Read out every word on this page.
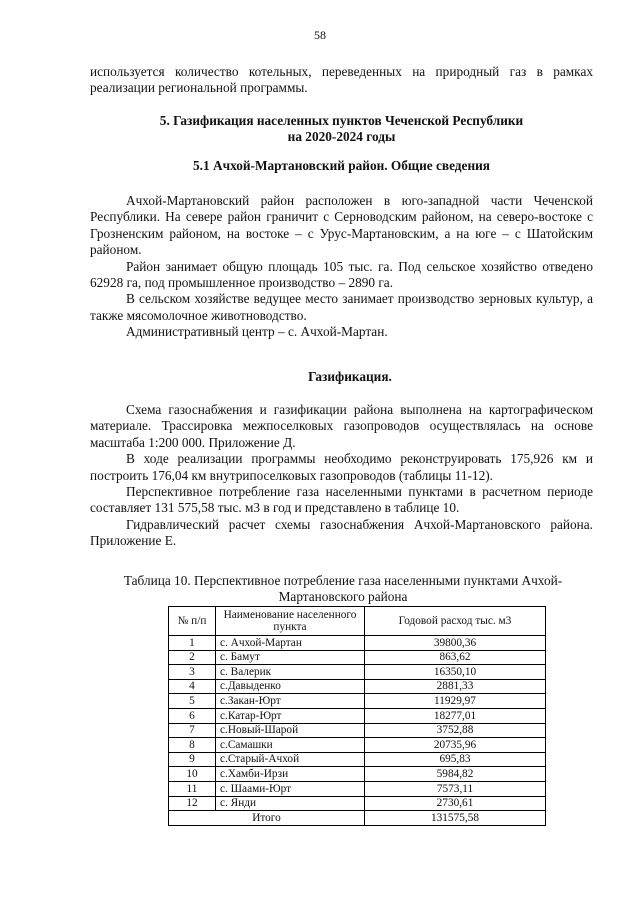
58

используется количество котельных, переведенных на природный газ в рамках реализации региональной программы.

5. Газификация населенных пунктов Чеченской Республики
на 2020-2024 годы
5.1 Ачхой-Мартановский район. Общие сведения

Ачхой-Мартановский район расположен в юго-западной части Чеченской Республики. На севере район граничит с Серноводским районом, на северо-востоке с Грозненским районом, на востоке – с Урус-Мартановским, а на юге – с Шатойским районом.

Район занимает общую площадь 105 тыс. га. Под сельское хозяйство отведено 62928 га, под промышленное производство – 2890 га.

В сельском хозяйстве ведущее место занимает производство зерновых культур, а также мясомолочное животноводство.

Административный центр – с. Ачхой-Мартан.

Газификация.

Схема газоснабжения и газификации района выполнена на картографическом материале. Трассировка межпоселковых газопроводов осуществлялась на основе масштаба 1:200 000. Приложение Д.

В ходе реализации программы необходимо реконструировать 175,926 км и построить 176,04 км внутрипоселковых газопроводов (таблицы 11-12).

Перспективное потребление газа населенными пунктами в расчетном периоде составляет 131 575,58 тыс. м3 в год и представлено в таблице 10.

Гидравлический расчет схемы газоснабжения Ачхой-Мартановского района. Приложение Е.

Таблица 10. Перспективное потребление газа населенными пунктами Ачхой-Мартановского района
№ п/п	Наименование населенного пункта	Годовой расход тыс. м3
1	с. Ачхой-Мартан	39800,36
2	с. Бамут	863,62
3	с. Валерик	16350,10
4	с.Давыденко	2881,33
5	с.Закан-Юрт	11929,97
6	с.Катар-Юрт	18277,01
7	с.Новый-Шарой	3752,88
8	с.Самашки	20735,96
9	с.Старый-Ачхой	695,83
10	с.Хамби-Ирзи	5984,82
11	с. Шаами-Юрт	7573,11
12	с. Янди	2730,61
Итого		131575,58
